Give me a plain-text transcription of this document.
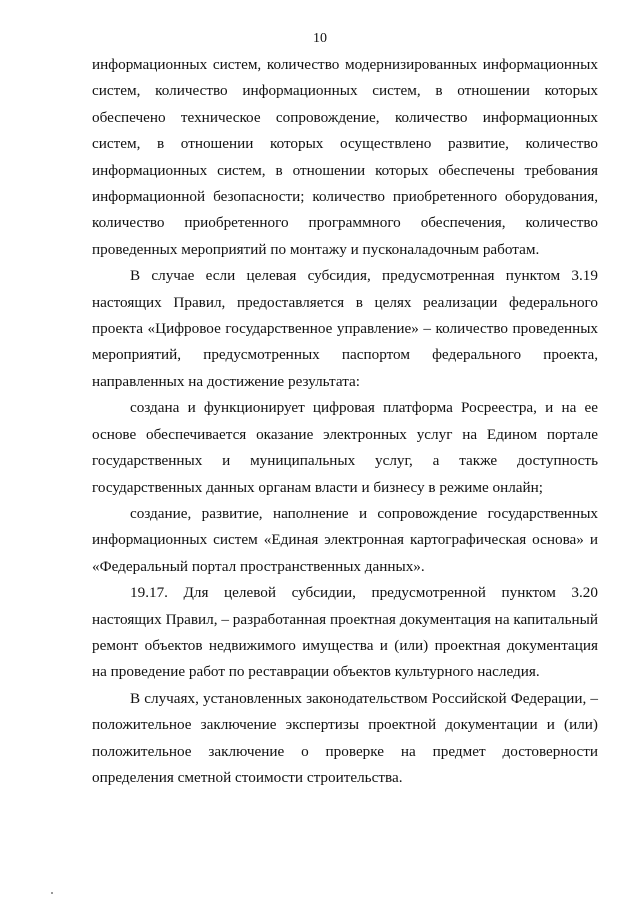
10

информационных систем, количество модернизированных информационных систем, количество информационных систем, в отношении которых обеспечено техническое сопровождение, количество информационных систем, в отношении которых осуществлено развитие, количество информационных систем, в отношении которых обеспечены требования информационной безопасности; количество приобретенного оборудования, количество приобретенного программного обеспечения, количество проведенных мероприятий по монтажу и пусконаладочным работам.

В случае если целевая субсидия, предусмотренная пунктом 3.19 настоящих Правил, предоставляется в целях реализации федерального проекта «Цифровое государственное управление» – количество проведенных мероприятий, предусмотренных паспортом федерального проекта, направленных на достижение результата:

создана и функционирует цифровая платформа Росреестра, и на ее основе обеспечивается оказание электронных услуг на Едином портале государственных и муниципальных услуг, а также доступность государственных данных органам власти и бизнесу в режиме онлайн;

создание, развитие, наполнение и сопровождение государственных информационных систем «Единая электронная картографическая основа» и «Федеральный портал пространственных данных».

19.17. Для целевой субсидии, предусмотренной пунктом 3.20 настоящих Правил, – разработанная проектная документация на капитальный ремонт объектов недвижимого имущества и (или) проектная документация на проведение работ по реставрации объектов культурного наследия.

В случаях, установленных законодательством Российской Федерации, – положительное заключение экспертизы проектной документации и (или) положительное заключение о проверке на предмет достоверности определения сметной стоимости строительства.
